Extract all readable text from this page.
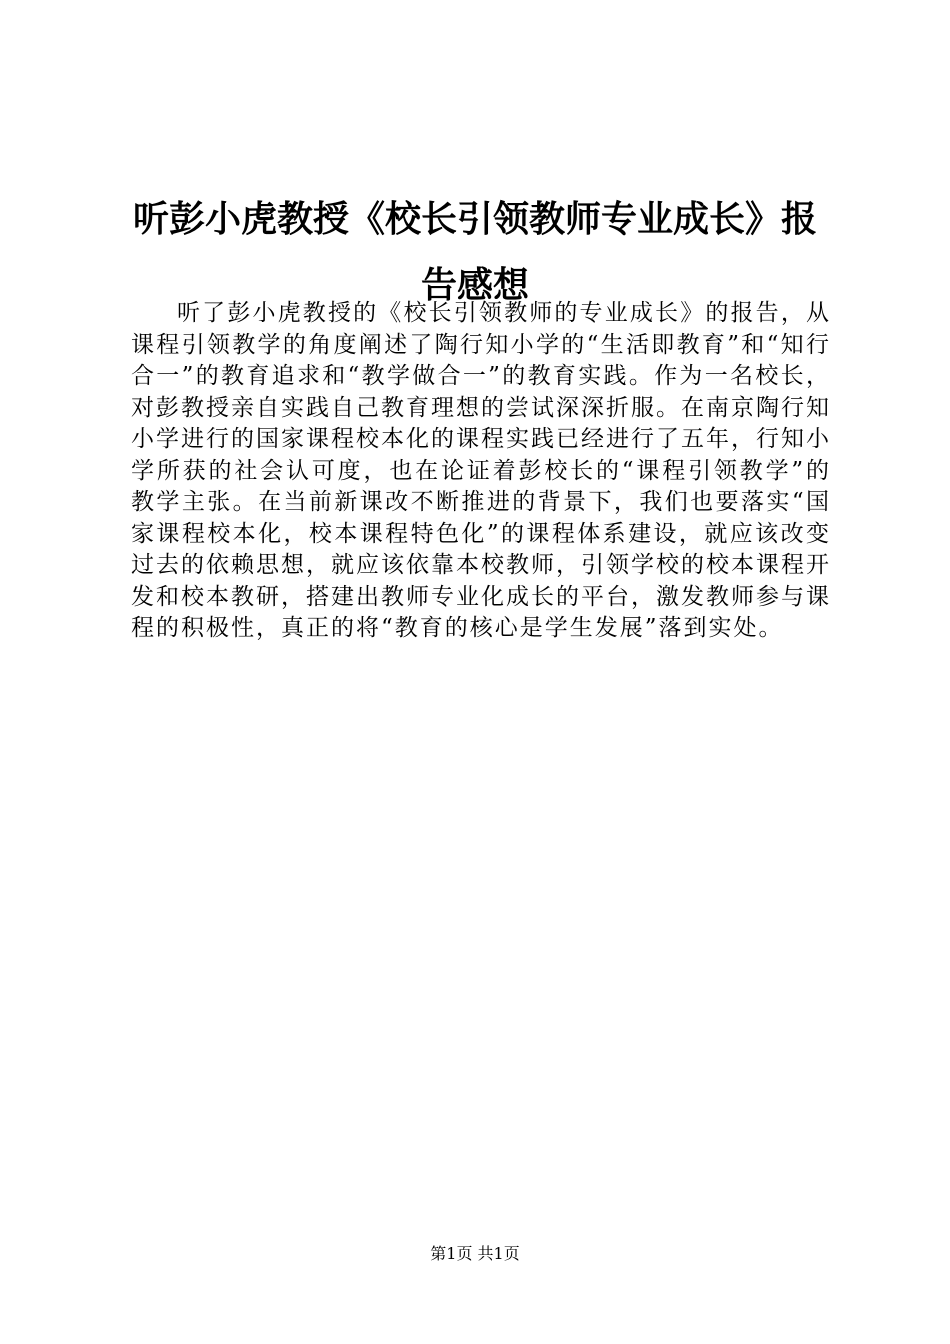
听彭小虎教授《校长引领教师专业成长》报告感想

听了彭小虎教授的《校长引领教师的专业成长》的报告，从课程引领教学的角度阐述了陶行知小学的“生活即教育”和“知行合一”的教育追求和“教学做合一”的教育实践。作为一名校长，对彭教授亲自实践自己教育理想的尝试深深折服。在南京陶行知小学进行的国家课程校本化的课程实践已经进行了五年，行知小学所获的社会认可度，也在论证着彭校长的“课程引领教学”的教学主张。在当前新课改不断推进的背景下，我们也要落实“国家课程校本化，校本课程特色化”的课程体系建设，就应该改变过去的依赖思想，就应该依靠本校教师，引领学校的校本课程开发和校本教研，搭建出教师专业化成长的平台，激发教师参与课程的积极性，真正的将“教育的核心是学生发展”落到实处。

第1页 共1页
